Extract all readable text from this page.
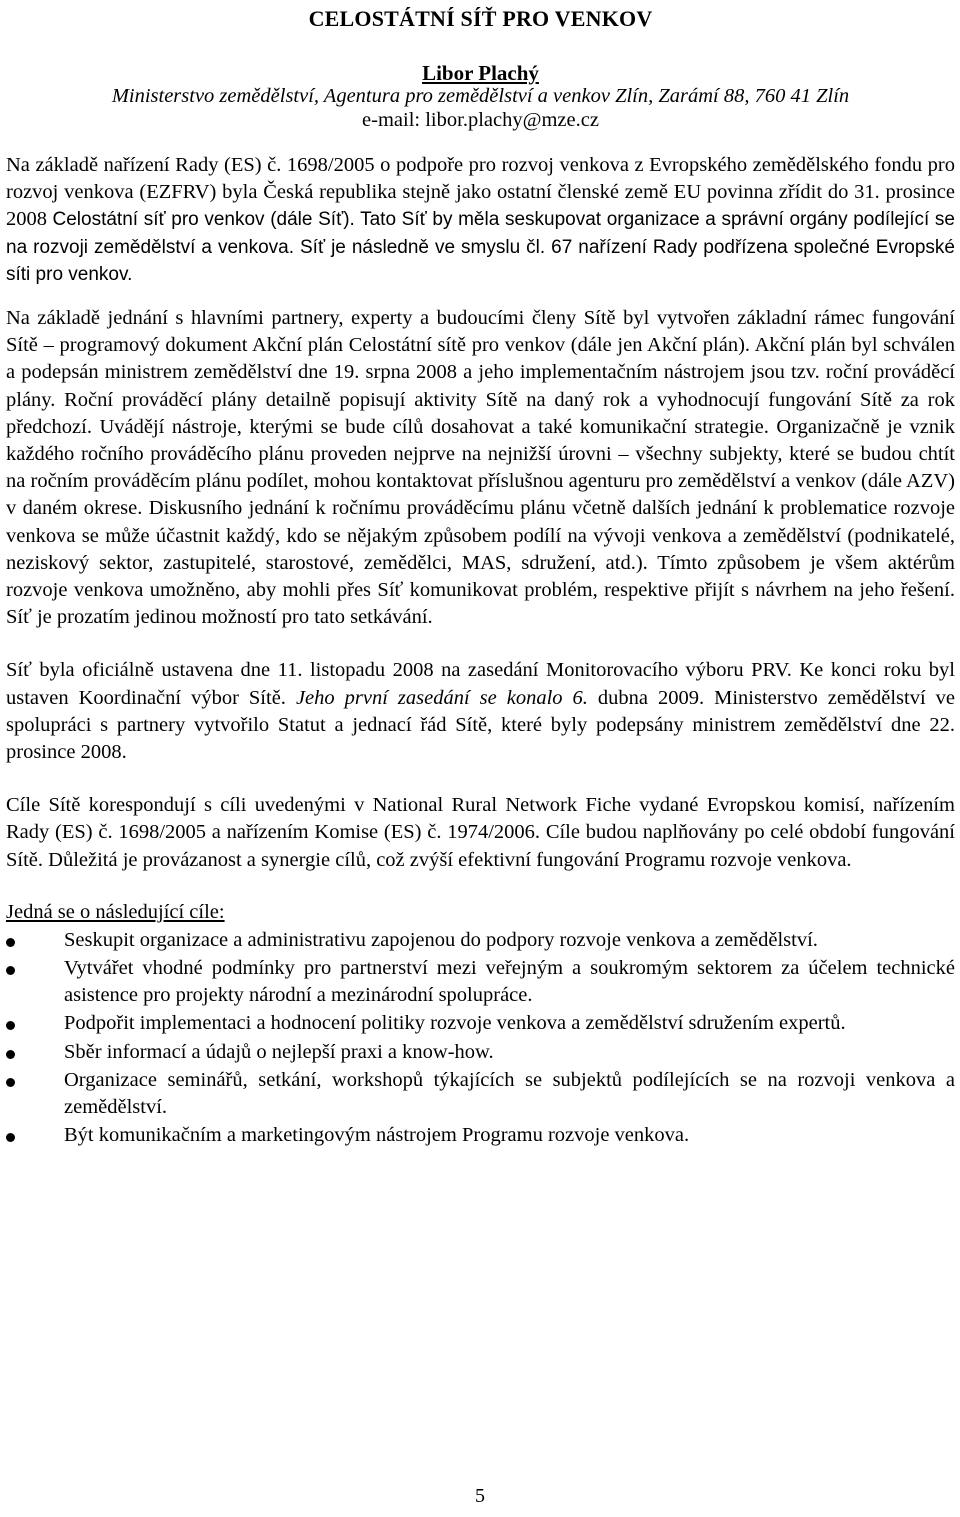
CELOSTÁTNÍ SÍŤ PRO VENKOV
Libor Plachý
Ministerstvo zemědělství, Agentura pro zemědělství a venkov Zlín, Zarámí 88, 760 41 Zlín
e-mail: libor.plachy@mze.cz

Na základě nařízení Rady (ES) č. 1698/2005 o podpoře pro rozvoj venkova z Evropského zemědělského fondu pro rozvoj venkova (EZFRV) byla Česká republika stejně jako ostatní členské země EU povinna zřídit do 31. prosince 2008 Celostátní síť pro venkov (dále Síť). Tato Síť by měla seskupovat organizace a správní orgány podílející se na rozvoji zemědělství a venkova. Síť je následně ve smyslu čl. 67 nařízení Rady podřízena společné Evropské síti pro venkov.

Na základě jednání s hlavními partnery, experty a budoucími členy Sítě byl vytvořen základní rámec fungování Sítě – programový dokument Akční plán Celostátní sítě pro venkov (dále jen Akční plán). Akční plán byl schválen a podepsán ministrem zemědělství dne 19. srpna 2008 a jeho implementačním nástrojem jsou tzv. roční prováděcí plány. Roční prováděcí plány detailně popisují aktivity Sítě na daný rok a vyhodnocují fungování Sítě za rok předchozí. Uvádějí nástroje, kterými se bude cílů dosahovat a také komunikační strategie. Organizačně je vznik každého ročního prováděcího plánu proveden nejprve na nejnižší úrovni – všechny subjekty, které se budou chtít na ročním prováděcím plánu podílet, mohou kontaktovat příslušnou agenturu pro zemědělství a venkov (dále AZV) v daném okrese. Diskusního jednání k ročnímu prováděcímu plánu včetně dalších jednání k problematice rozvoje venkova se může účastnit každý, kdo se nějakým způsobem podílí na vývoji venkova a zemědělství (podnikatelé, neziskový sektor, zastupitelé, starostové, zemědělci, MAS, sdružení, atd.). Tímto způsobem je všem aktérům rozvoje venkova umožněno, aby mohli přes Síť komunikovat problém, respektive přijít s návrhem na jeho řešení. Síť je prozatím jedinou možností pro tato setkávání.

Síť byla oficiálně ustavena dne 11. listopadu 2008 na zasedání Monitorovacího výboru PRV. Ke konci roku byl ustaven Koordinační výbor Sítě. Jeho první zasedání se konalo 6. dubna 2009. Ministerstvo zemědělství ve spolupráci s partnery vytvořilo Statut a jednací řád Sítě, které byly podepsány ministrem zemědělství dne 22. prosince 2008.

Cíle Sítě korespondují s cíli uvedenými v National Rural Network Fiche vydané Evropskou komisí, nařízením Rady (ES) č. 1698/2005 a nařízením Komise (ES) č. 1974/2006. Cíle budou naplňovány po celé období fungování Sítě. Důležitá je provázanost a synergie cílů, což zvýší efektivní fungování Programu rozvoje venkova.

Jedná se o následující cíle:
Seskupit organizace a administrativu zapojenou do podpory rozvoje venkova a zemědělství.
Vytvářet vhodné podmínky pro partnerství mezi veřejným a soukromým sektorem za účelem technické asistence pro projekty národní a mezinárodní spolupráce.
Podpořit implementaci a hodnocení politiky rozvoje venkova a zemědělství sdružením expertů.
Sběr informací a údajů o nejlepší praxi a know-how.
Organizace seminářů, setkání, workshopů týkajících se subjektů podílejících se na rozvoji venkova a zemědělství.
Být komunikačním a marketingovým nástrojem Programu rozvoje venkova.
5
